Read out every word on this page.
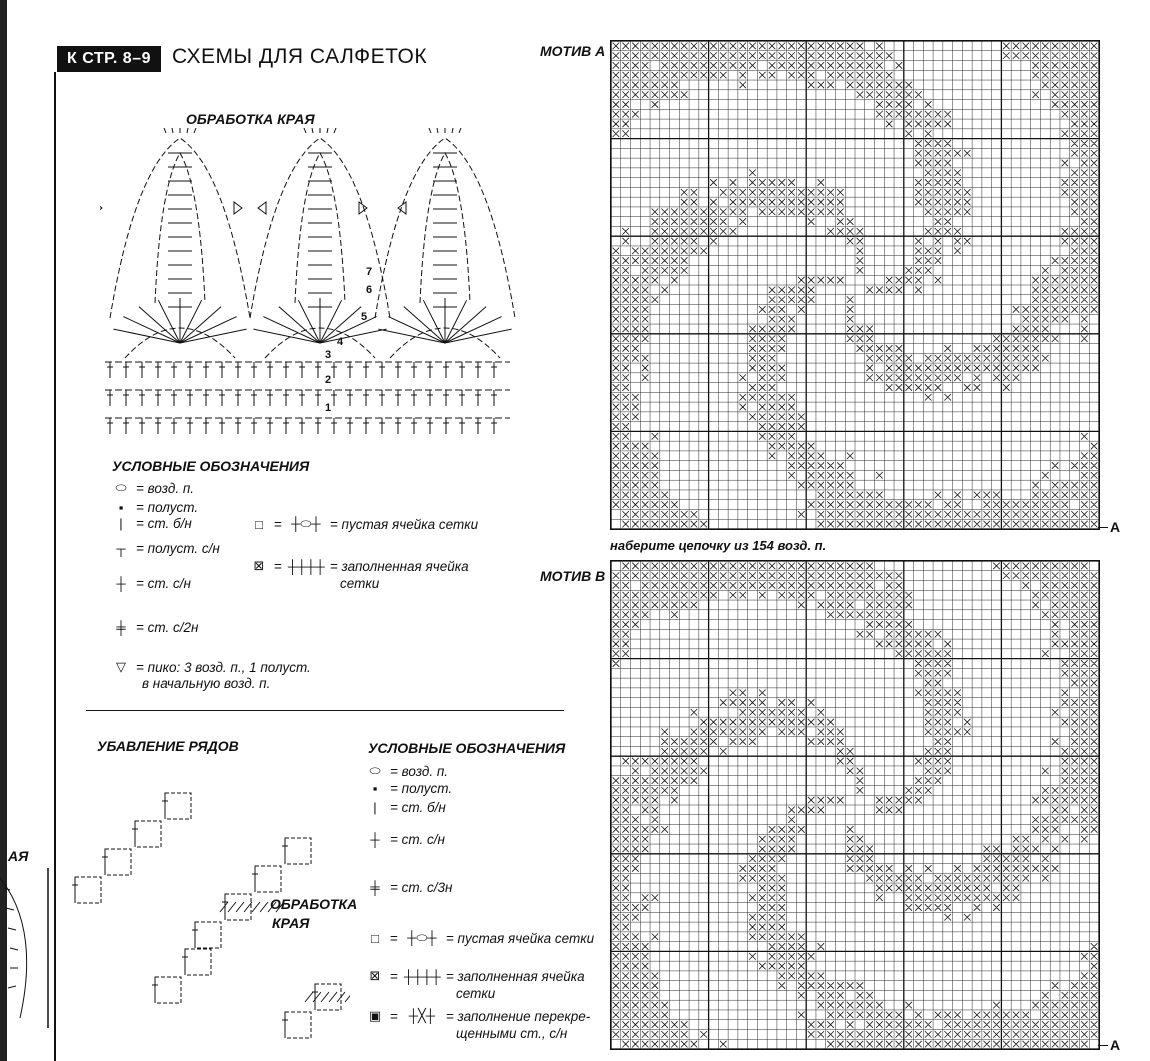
К СТР. 8–9	СХЕМЫ ДЛЯ САЛФЕТОК
ОБРАБОТКА КРАЯ
1
2
3
4
5
6
7
УСЛОВНЫЕ ОБОЗНАЧЕНИЯ
⬭ = возд. п.
▪ = полуст.
| = ст. б/н
┬ = полуст. с/н
┼ = ст. с/н
╪ = ст. с/2н
▽ = пико: 3 возд. п., 1 полуст.
в начальную возд. п.
□ = ┼⬭┼ = пустая ячейка сетки
⊠ = ┼┼┼┼ = заполненная ячейка
сетки
УБАВЛЕНИЕ РЯДОВ
ОБРАБОТКА
КРАЯ
УСЛОВНЫЕ ОБОЗНАЧЕНИЯ
⬭ = возд. п.
▪ = полуст.
| = ст. б/н
┼ = ст. с/н
╪ = ст. с/3н
□ = ┼⬭┼ = пустая ячейка сетки
⊠ = ┼┼┼┼ = заполненная ячейка
сетки
▣ = ┼╳┼ = заполнение перекре-
щенными ст., с/н
АЯ
МОТИВ А
A
наберите цепочку из 154 возд. п.
МОТИВ В
A
